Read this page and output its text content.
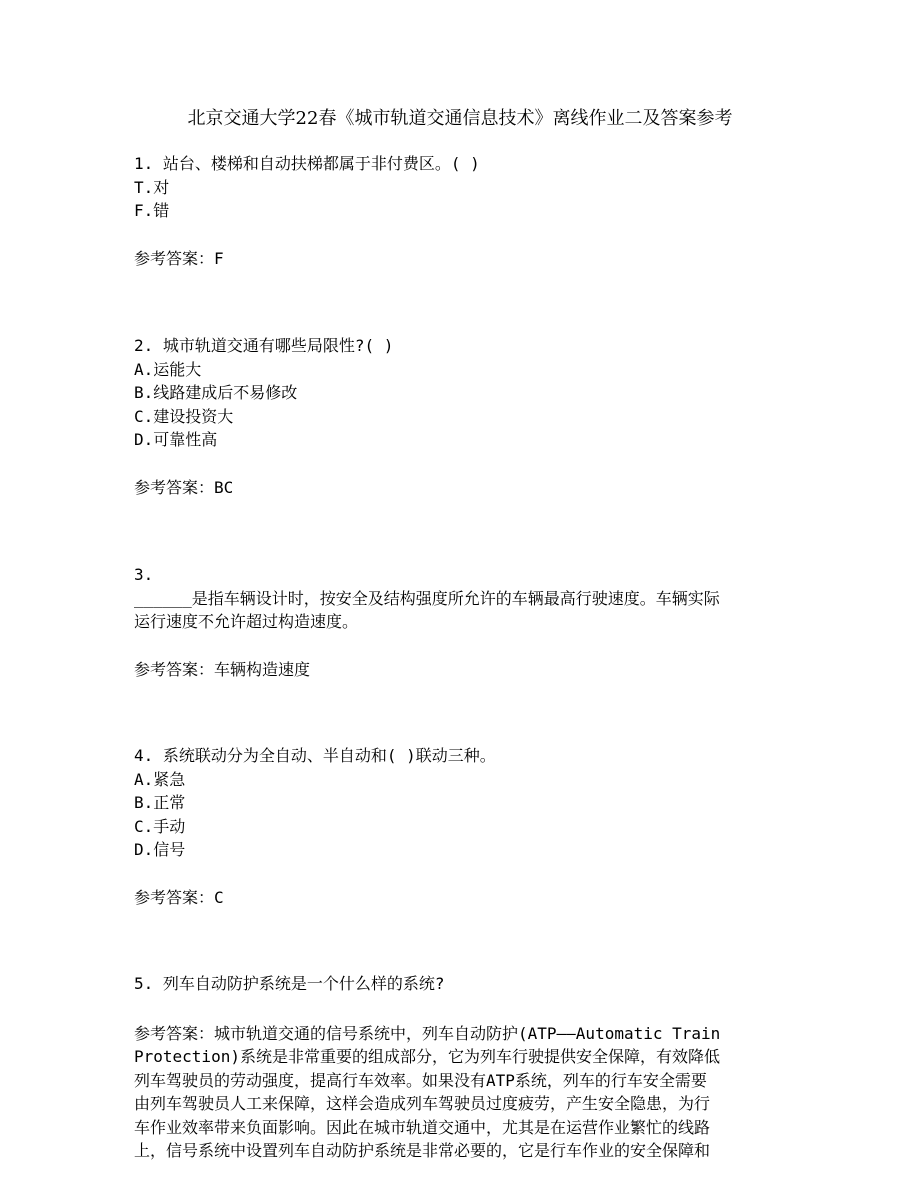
北京交通大学22春《城市轨道交通信息技术》离线作业二及答案参考
1. 站台、楼梯和自动扶梯都属于非付费区。( )
T.对
F.错
参考答案：F
2. 城市轨道交通有哪些局限性?( )
A.运能大
B.线路建成后不易修改
C.建设投资大
D.可靠性高
参考答案：BC
3.
______是指车辆设计时，按安全及结构强度所允许的车辆最高行驶速度。车辆实际
运行速度不允许超过构造速度。
参考答案：车辆构造速度
4. 系统联动分为全自动、半自动和( )联动三种。
A.紧急
B.正常
C.手动
D.信号
参考答案：C
5. 列车自动防护系统是一个什么样的系统?
参考答案：城市轨道交通的信号系统中，列车自动防护(ATP——Automatic Train
Protection)系统是非常重要的组成部分，它为列车行驶提供安全保障，有效降低
列车驾驶员的劳动强度，提高行车效率。如果没有ATP系统，列车的行车安全需要
由列车驾驶员人工来保障，这样会造成列车驾驶员过度疲劳，产生安全隐患，为行
车作业效率带来负面影响。因此在城市轨道交通中，尤其是在运营作业繁忙的线路
上，信号系统中设置列车自动防护系统是非常必要的，它是行车作业的安全保障和
